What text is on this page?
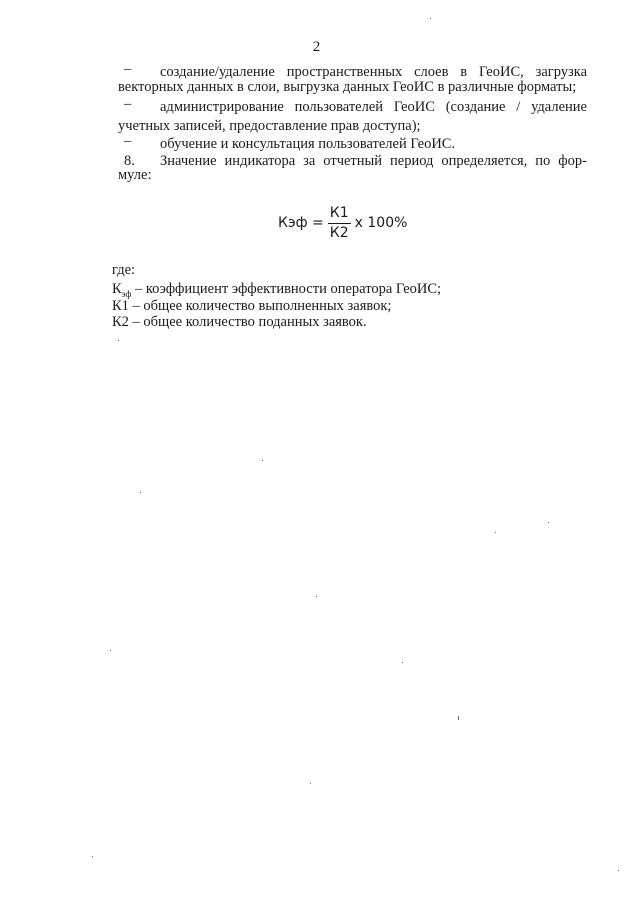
2
– создание/удаление пространственных слоев в ГеоИС, загрузка
векторных данных в слои, выгрузка данных ГеоИС в различные форматы;
– администрирование пользователей ГеоИС (создание / удаление
учетных записей, предоставление прав доступа);
– обучение и консультация пользователей ГеоИС.
8. Значение индикатора за отчетный период определяется, по фор-
муле:
Кэф = $\frac{К1}{К2}$ х 100%
где:
$К_{эф}$ – коэффициент эффективности оператора ГеоИС;
К1 – общее количество выполненных заявок;
К2 – общее количество поданных заявок.
